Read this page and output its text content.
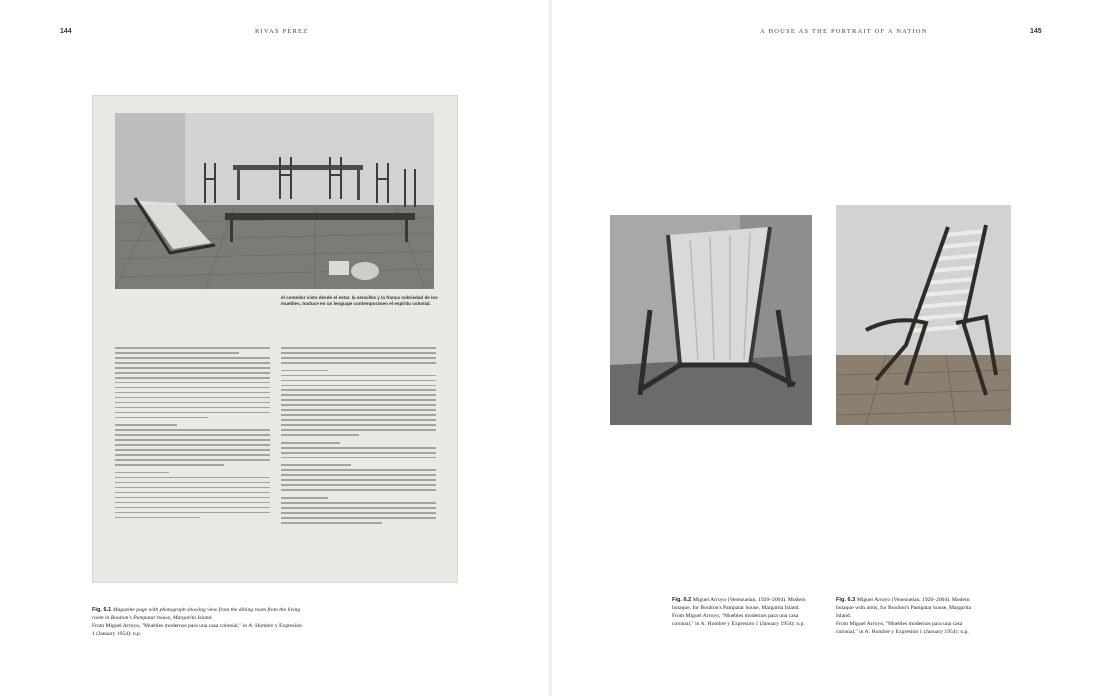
144	RIVAS PÉREZ
el comedor visto desde el estar. la sencillez y la franca sobriedad de los muebles, traduce en un lenguaje contemporáneo el espíritu colonial.
Fig. 6.1 Magazine page with photograph showing view from the dining room from the living room in Boulton's Pampatar house, Margarita Island.
From Miguel Arroyo, "Muebles modernos para una casa colonial," in A: Hombre y Expresión 1 (January 1954): n.p.
A HOUSE AS THE PORTRAIT OF A NATION	145
Fig. 6.2 Miguel Arroyo (Venezuelan, 1920–2004). Modern butaque, for Boulton's Pampatar house, Margarita Island.
From Miguel Arroyo, "Muebles modernos para una casa colonial," in A: Hombre y Expresión 1 (January 1954): n.p.
Fig. 6.3 Miguel Arroyo (Venezuelan, 1920–2004). Modern butaque with arms, for Boulton's Pampatar house, Margarita Island.
From Miguel Arroyo, "Muebles modernos para una casa colonial," in A: Hombre y Expresión 1 (January 1954): n.p.
